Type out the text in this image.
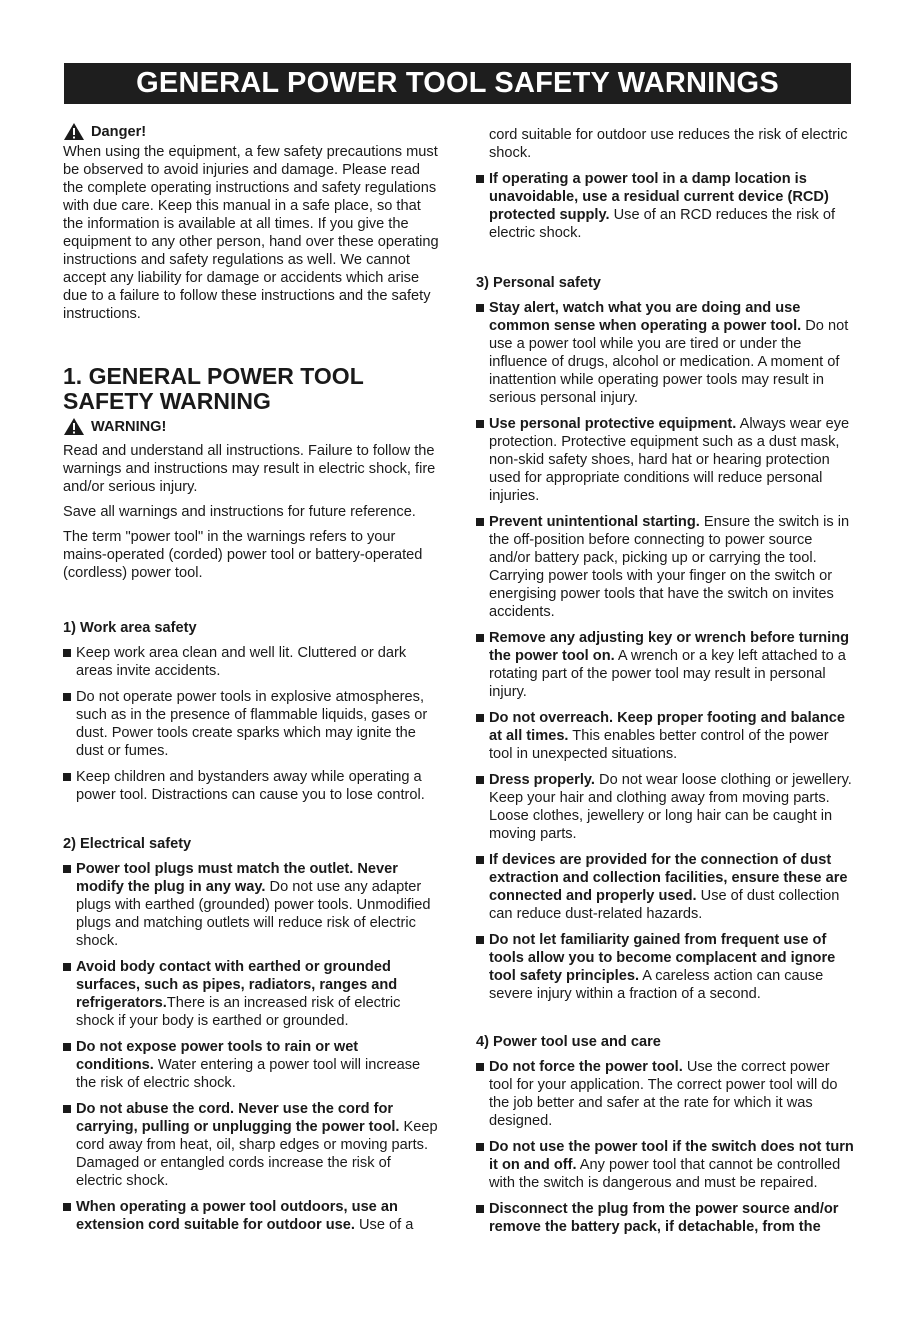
GENERAL POWER TOOL SAFETY WARNINGS
Danger!

When using the equipment, a few safety precautions must be observed to avoid injuries and damage. Please read the complete operating instructions and safety regulations with due care. Keep this manual in a safe place, so that the information is available at all times. If you give the equipment to any other person, hand over these operating instructions and safety regulations as well. We cannot accept any liability for damage or accidents which arise due to a failure to follow these instructions and the safety instructions.

1. GENERAL POWER TOOL
SAFETY WARNING
WARNING!

Read and understand all instructions. Failure to follow the warnings and instructions may result in electric shock, fire and/or serious injury.

Save all warnings and instructions for future reference.

The term "power tool" in the warnings refers to your mains-operated (corded) power tool or battery-operated (cordless) power tool.

1) Work area safety

Keep work area clean and well lit. Cluttered or dark areas invite accidents.
Do not operate power tools in explosive atmospheres, such as in the presence of flammable liquids, gases or dust. Power tools create sparks which may ignite the dust or fumes.
Keep children and bystanders away while operating a power tool. Distractions can cause you to lose control.

2) Electrical safety

Power tool plugs must match the outlet. Never modify the plug in any way. Do not use any adapter plugs with earthed (grounded) power tools. Unmodified plugs and matching outlets will reduce risk of electric shock.
Avoid body contact with earthed or grounded surfaces, such as pipes, radiators, ranges and refrigerators.There is an increased risk of electric shock if your body is earthed or grounded.
Do not expose power tools to rain or wet conditions. Water entering a power tool will increase the risk of electric shock.
Do not abuse the cord. Never use the cord for carrying, pulling or unplugging the power tool. Keep cord away from heat, oil, sharp edges or moving parts. Damaged or entangled cords increase the risk of electric shock.
When operating a power tool outdoors, use an extension cord suitable for outdoor use. Use of a

cord suitable for outdoor use reduces the risk of electric shock.

If operating a power tool in a damp location is unavoidable, use a residual current device (RCD) protected supply. Use of an RCD reduces the risk of electric shock.

3) Personal safety

Stay alert, watch what you are doing and use common sense when operating a power tool. Do not use a power tool while you are tired or under the influence of drugs, alcohol or medication. A moment of inattention while operating power tools may result in serious personal injury.
Use personal protective equipment. Always wear eye protection. Protective equipment such as a dust mask, non-skid safety shoes, hard hat or hearing protection used for appropriate conditions will reduce personal injuries.
Prevent unintentional starting. Ensure the switch is in the off-position before connecting to power source and/or battery pack, picking up or carrying the tool. Carrying power tools with your finger on the switch or energising power tools that have the switch on invites accidents.
Remove any adjusting key or wrench before turning the power tool on. A wrench or a key left attached to a rotating part of the power tool may result in personal injury.
Do not overreach. Keep proper footing and balance at all times. This enables better control of the power tool in unexpected situations.
Dress properly. Do not wear loose clothing or jewellery. Keep your hair and clothing away from moving parts. Loose clothes, jewellery or long hair can be caught in moving parts.
If devices are provided for the connection of dust extraction and collection facilities, ensure these are connected and properly used. Use of dust collection can reduce dust-related hazards.
Do not let familiarity gained from frequent use of tools allow you to become complacent and ignore tool safety principles. A careless action can cause severe injury within a fraction of a second.

4) Power tool use and care

Do not force the power tool. Use the correct power tool for your application. The correct power tool will do the job better and safer at the rate for which it was designed.
Do not use the power tool if the switch does not turn it on and off. Any power tool that cannot be controlled with the switch is dangerous and must be repaired.
Disconnect the plug from the power source and/or remove the battery pack, if detachable, from the
